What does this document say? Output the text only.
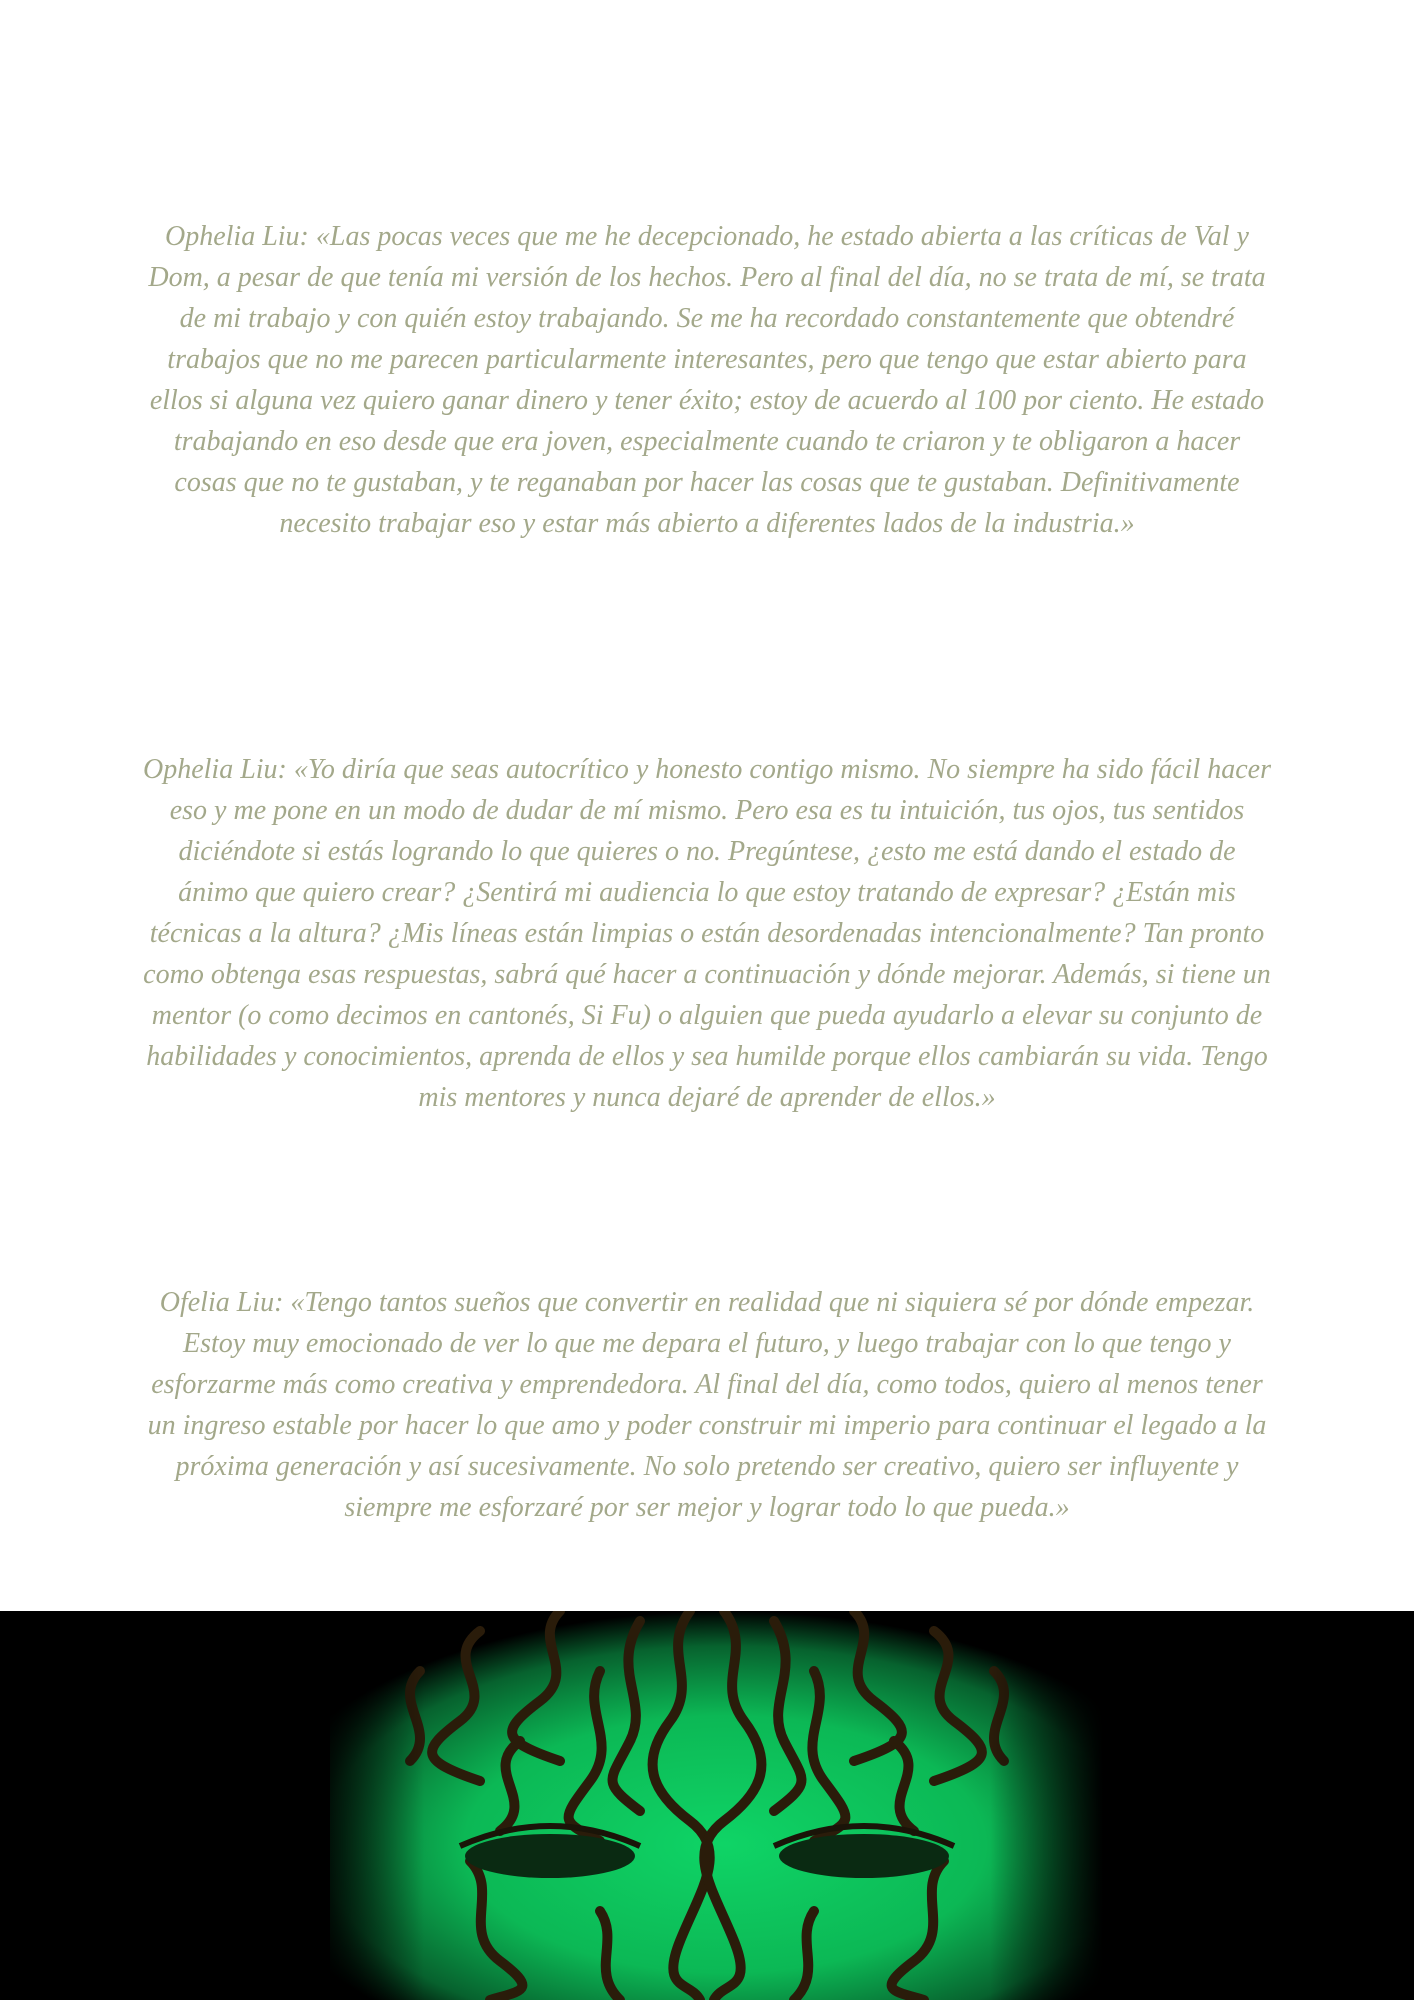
Ophelia Liu: «Las pocas veces que me he decepcionado, he estado abierta a las críticas de Val y Dom, a pesar de que tenía mi versión de los hechos. Pero al final del día, no se trata de mí, se trata de mi trabajo y con quién estoy trabajando. Se me ha recordado constantemente que obtendré trabajos que no me parecen particularmente interesantes, pero que tengo que estar abierto para ellos si alguna vez quiero ganar dinero y tener éxito; estoy de acuerdo al 100 por ciento. He estado trabajando en eso desde que era joven, especialmente cuando te criaron y te obligaron a hacer cosas que no te gustaban, y te reganaban por hacer las cosas que te gustaban. Definitivamente necesito trabajar eso y estar más abierto a diferentes lados de la industria.»

Ophelia Liu: «Yo diría que seas autocrítico y honesto contigo mismo. No siempre ha sido fácil hacer eso y me pone en un modo de dudar de mí mismo. Pero esa es tu intuición, tus ojos, tus sentidos diciéndote si estás logrando lo que quieres o no. Pregúntese, ¿esto me está dando el estado de ánimo que quiero crear? ¿Sentirá mi audiencia lo que estoy tratando de expresar? ¿Están mis técnicas a la altura? ¿Mis líneas están limpias o están desordenadas intencionalmente? Tan pronto como obtenga esas respuestas, sabrá qué hacer a continuación y dónde mejorar. Además, si tiene un mentor (o como decimos en cantonés, Si Fu) o alguien que pueda ayudarlo a elevar su conjunto de habilidades y conocimientos, aprenda de ellos y sea humilde porque ellos cambiarán su vida. Tengo mis mentores y nunca dejaré de aprender de ellos.»

Ofelia Liu: «Tengo tantos sueños que convertir en realidad que ni siquiera sé por dónde empezar. Estoy muy emocionado de ver lo que me depara el futuro, y luego trabajar con lo que tengo y esforzarme más como creativa y emprendedora. Al final del día, como todos, quiero al menos tener un ingreso estable por hacer lo que amo y poder construir mi imperio para continuar el legado a la próxima generación y así sucesivamente. No solo pretendo ser creativo, quiero ser influyente y siempre me esforzaré por ser mejor y lograr todo lo que pueda.»
